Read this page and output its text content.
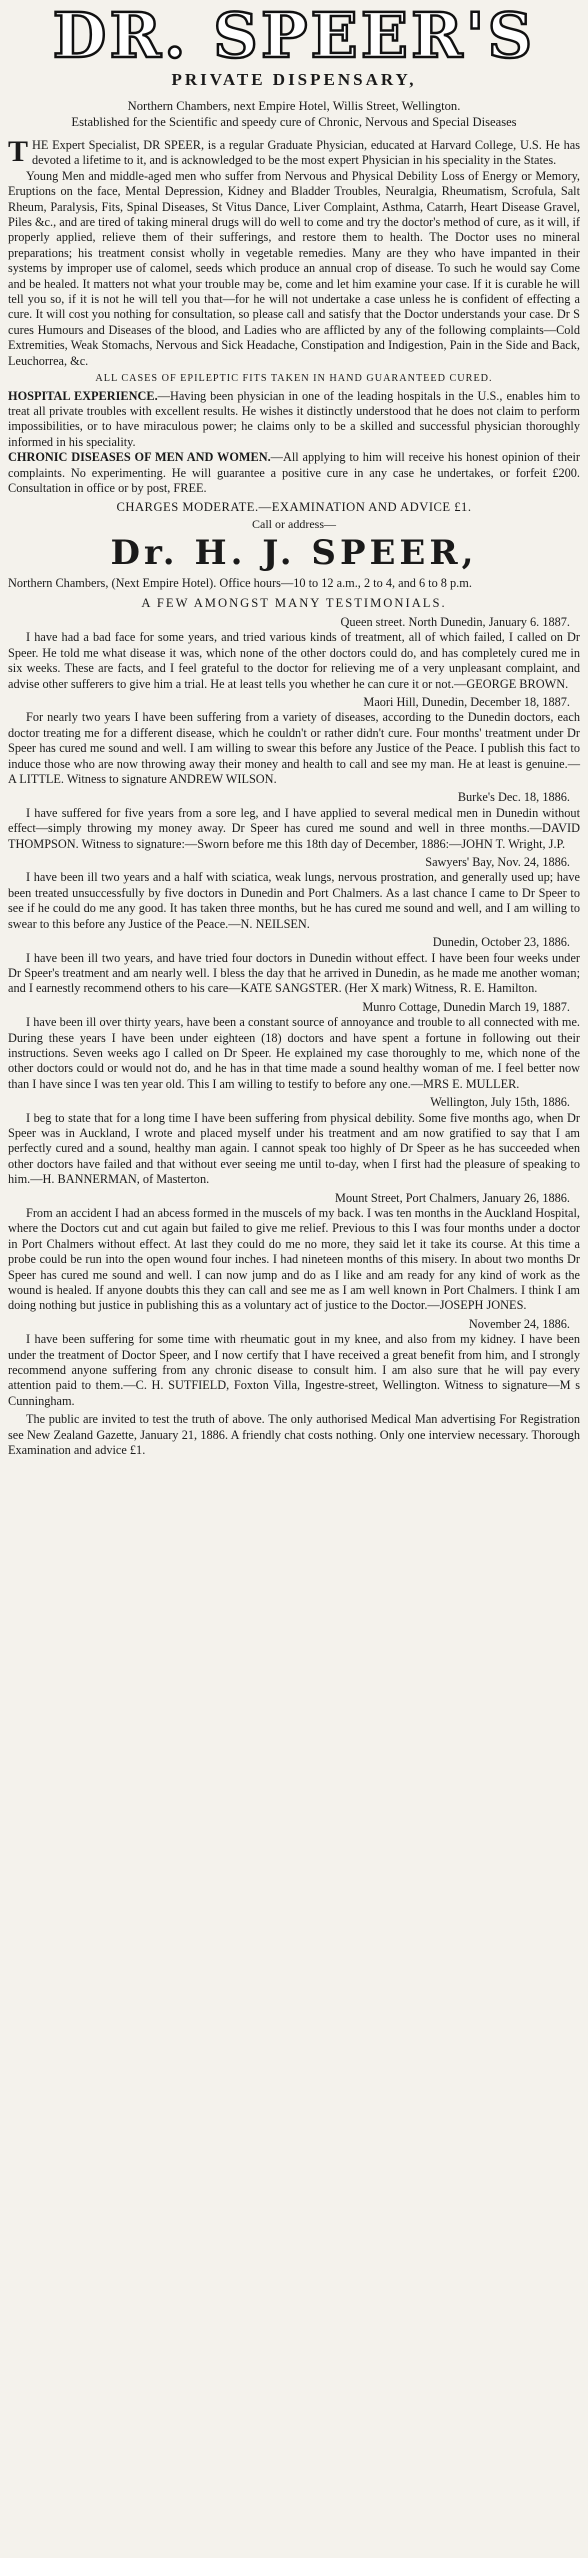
DR. SPEER'S
PRIVATE DISPENSARY,
Northern Chambers, next Empire Hotel, Willis Street, Wellington.
Established for the Scientific and speedy cure of Chronic, Nervous and Special Diseases

THE Expert Specialist, DR SPEER, is a regular Graduate Physician, educated at Harvard College, U.S. He has devoted a lifetime to it, and is acknowledged to be the most expert Physician in his speciality in the States.

Young Men and middle-aged men who suffer from Nervous and Physical Debility Loss of Energy or Memory, Eruptions on the face, Mental Depression, Kidney and Bladder Troubles, Neuralgia, Rheumatism, Scrofula, Salt Rheum, Paralysis, Fits, Spinal Diseases, St Vitus Dance, Liver Complaint, Asthma, Catarrh, Heart Disease Gravel, Piles &c., and are tired of taking mineral drugs will do well to come and try the doctor's method of cure, as it will, if properly applied, relieve them of their sufferings, and restore them to health. The Doctor uses no mineral preparations; his treatment consist wholly in vegetable remedies. Many are they who have impanted in their systems by improper use of calomel, seeds which produce an annual crop of disease. To such he would say Come and be healed. It matters not what your trouble may be, come and let him examine your case. If it is curable he will tell you so, if it is not he will tell you that—for he will not undertake a case unless he is confident of effecting a cure. It will cost you nothing for consultation, so please call and satisfy that the Doctor understands your case. Dr S cures Humours and Diseases of the blood, and Ladies who are afflicted by any of the following complaints—Cold Extremities, Weak Stomachs, Nervous and Sick Headache, Constipation and Indigestion, Pain in the Side and Back, Leuchorrea, &c.

ALL CASES OF EPILEPTIC FITS TAKEN IN HAND GUARANTEED CURED.

HOSPITAL EXPERIENCE.—Having been physician in one of the leading hospitals in the U.S., enables him to treat all private troubles with excellent results. He wishes it distinctly understood that he does not claim to perform impossibilities, or to have miraculous power; he claims only to be a skilled and successful physician thoroughly informed in his speciality.

CHRONIC DISEASES OF MEN AND WOMEN.—All applying to him will receive his honest opinion of their complaints. No experimenting. He will guarantee a positive cure in any case he undertakes, or forfeit £200. Consultation in office or by post, FREE.

CHARGES MODERATE.—EXAMINATION AND ADVICE £1.

Call or address—

Dr. H. J. SPEER,

Northern Chambers, (Next Empire Hotel). Office hours—10 to 12 a.m., 2 to 4, and 6 to 8 p.m.

A FEW AMONGST MANY TESTIMONIALS.

Queen street. North Dunedin, January 6. 1887.

I have had a bad face for some years, and tried various kinds of treatment, all of which failed, I called on Dr Speer. He told me what disease it was, which none of the other doctors could do, and has completely cured me in six weeks. These are facts, and I feel grateful to the doctor for relieving me of a very unpleasant complaint, and advise other sufferers to give him a trial. He at least tells you whether he can cure it or not.—GEORGE BROWN.

Maori Hill, Dunedin, December 18, 1887.

For nearly two years I have been suffering from a variety of diseases, according to the Dunedin doctors, each doctor treating me for a different disease, which he couldn't or rather didn't cure. Four months' treatment under Dr Speer has cured me sound and well. I am willing to swear this before any Justice of the Peace. I publish this fact to induce those who are now throwing away their money and health to call and see my man. He at least is genuine.—A LITTLE. Witness to signature ANDREW WILSON.

Burke's Dec. 18, 1886.

I have suffered for five years from a sore leg, and I have applied to several medical men in Dunedin without effect—simply throwing my money away. Dr Speer has cured me sound and well in three months.—DAVID THOMPSON. Witness to signature:—Sworn before me this 18th day of December, 1886:—JOHN T. Wright, J.P.

Sawyers' Bay, Nov. 24, 1886.

I have been ill two years and a half with sciatica, weak lungs, nervous prostration, and generally used up; have been treated unsuccessfully by five doctors in Dunedin and Port Chalmers. As a last chance I came to Dr Speer to see if he could do me any good. It has taken three months, but he has cured me sound and well, and I am willing to swear to this before any Justice of the Peace.—N. NEILSEN.

Dunedin, October 23, 1886.

I have been ill two years, and have tried four doctors in Dunedin without effect. I have been four weeks under Dr Speer's treatment and am nearly well. I bless the day that he arrived in Dunedin, as he made me another woman; and I earnestly recommend others to his care—KATE SANGSTER. (Her X mark) Witness, R. E. Hamilton.

Munro Cottage, Dunedin March 19, 1887.

I have been ill over thirty years, have been a constant source of annoyance and trouble to all connected with me. During these years I have been under eighteen (18) doctors and have spent a fortune in following out their instructions. Seven weeks ago I called on Dr Speer. He explained my case thoroughly to me, which none of the other doctors could or would not do, and he has in that time made a sound healthy woman of me. I feel better now than I have since I was ten year old. This I am willing to testify to before any one.—MRS E. MULLER.

Wellington, July 15th, 1886.

I beg to state that for a long time I have been suffering from physical debility. Some five months ago, when Dr Speer was in Auckland, I wrote and placed myself under his treatment and am now gratified to say that I am perfectly cured and a sound, healthy man again. I cannot speak too highly of Dr Speer as he has succeeded when other doctors have failed and that without ever seeing me until to-day, when I first had the pleasure of speaking to him.—H. BANNERMAN, of Masterton.

Mount Street, Port Chalmers, January 26, 1886.

From an accident I had an abcess formed in the muscels of my back. I was ten months in the Auckland Hospital, where the Doctors cut and cut again but failed to give me relief. Previous to this I was four months under a doctor in Port Chalmers without effect. At last they could do me no more, they said let it take its course. At this time a probe could be run into the open wound four inches. I had nineteen months of this misery. In about two months Dr Speer has cured me sound and well. I can now jump and do as I like and am ready for any kind of work as the wound is healed. If anyone doubts this they can call and see me as I am well known in Port Chalmers. I think I am doing nothing but justice in publishing this as a voluntary act of justice to the Doctor.—JOSEPH JONES.

November 24, 1886.

I have been suffering for some time with rheumatic gout in my knee, and also from my kidney. I have been under the treatment of Doctor Speer, and I now certify that I have received a great benefit from him, and I strongly recommend anyone suffering from any chronic disease to consult him. I am also sure that he will pay every attention paid to them.—C. H. SUTFIELD, Foxton Villa, Ingestre-street, Wellington. Witness to signature—M s Cunningham.

The public are invited to test the truth of above. The only authorised Medical Man advertising For Registration see New Zealand Gazette, January 21, 1886. A friendly chat costs nothing. Only one interview necessary. Thorough Examination and advice £1.
